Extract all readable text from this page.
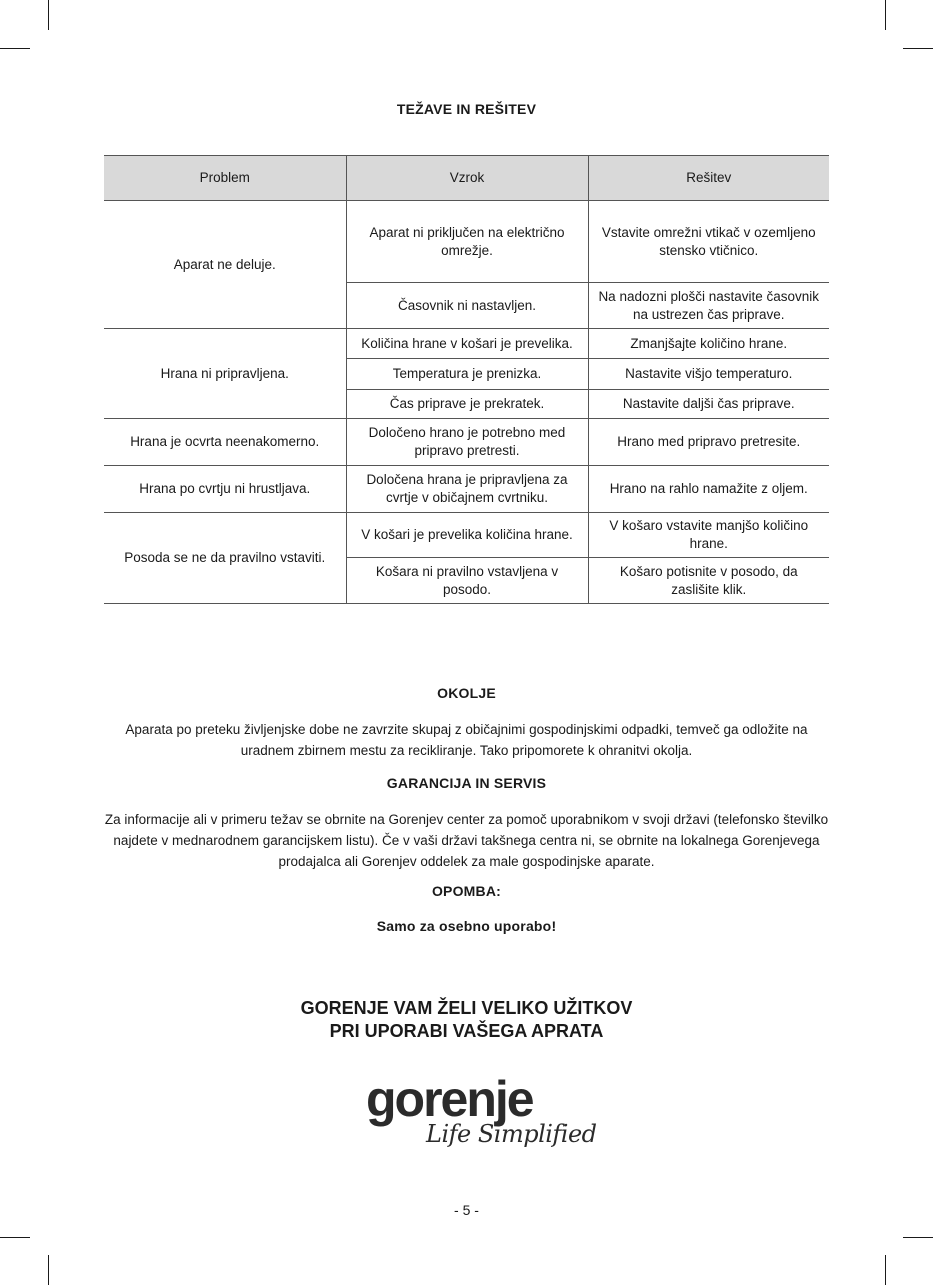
TEŽAVE IN REŠITEV
Problem	Vzrok	Rešitev
Aparat ne deluje.	Aparat ni priključen na električno omrežje.	Vstavite omrežni vtikač v ozemljeno stensko vtičnico.
	Časovnik ni nastavljen.	Na nadozni plošči nastavite časovnik na ustrezen čas priprave.
Hrana ni pripravljena.	Količina hrane v košari je prevelika.	Zmanjšajte količino hrane.
	Temperatura je prenizka.	Nastavite višjo temperaturo.
	Čas priprave je prekratek.	Nastavite daljši čas priprave.
Hrana je ocvrta neenakomerno.	Določeno hrano je potrebno med pripravo pretresti.	Hrano med pripravo pretresite.
Hrana po cvrtju ni hrustljava.	Določena hrana je pripravljena za cvrtje v običajnem cvrtniku.	Hrano na rahlo namažite z oljem.
Posoda se ne da pravilno vstaviti.	V košari je prevelika količina hrane.	V košaro vstavite manjšo količino hrane.
	Košara ni pravilno vstavljena v posodo.	Košaro potisnite v posodo, da zaslišite klik.
OKOLJE
Aparata po preteku življenjske dobe ne zavrzite skupaj z običajnimi gospodinjskimi odpadki, temveč ga odložite na uradnem zbirnem mestu za recikliranje. Tako pripomorete k ohranitvi okolja.
GARANCIJA IN SERVIS
Za informacije ali v primeru težav se obrnite na Gorenjev center za pomoč uporabnikom v svoji državi (telefonsko številko najdete v mednarodnem garancijskem listu). Če v vaši državi takšnega centra ni, se obrnite na lokalnega Gorenjevega prodajalca ali Gorenjev oddelek za male gospodinjske aparate.
OPOMBA:
Samo za osebno uporabo!
GORENJE VAM ŽELI VELIKO UŽITKOV
PRI UPORABI VAŠEGA APRATA
gorenje
Life Simplified
- 5 -
